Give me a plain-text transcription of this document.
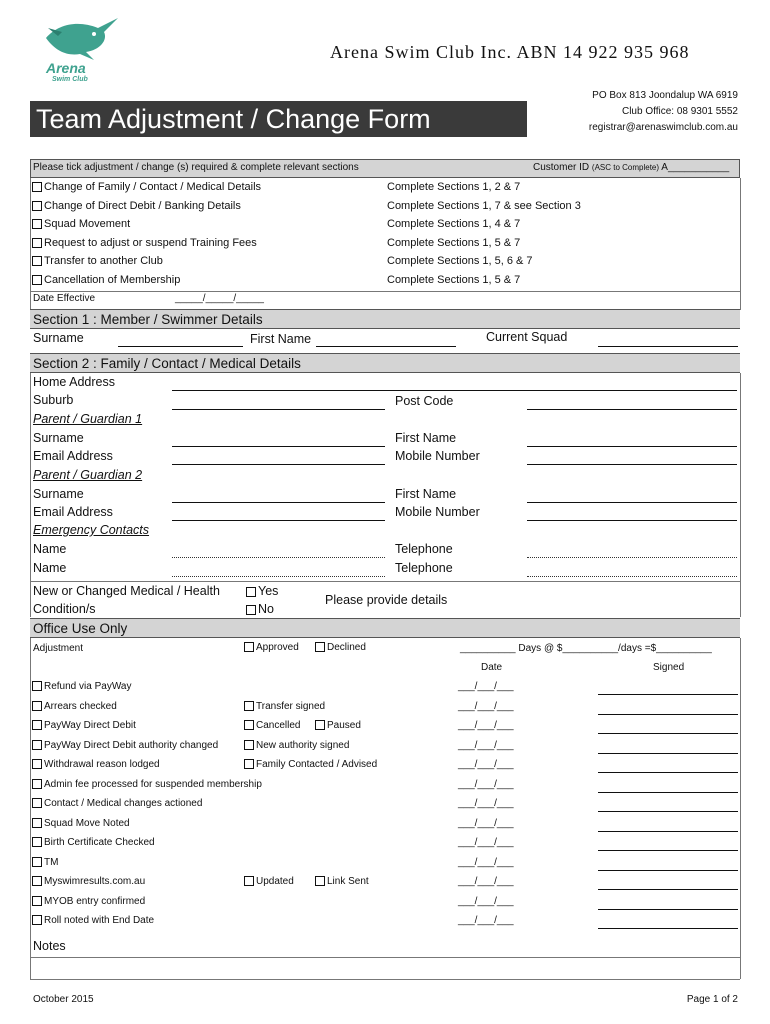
Arena
Swim Club
Arena Swim Club Inc. ABN 14 922 935 968
Team Adjustment / Change Form
PO Box 813 Joondalup WA 6919
Club Office: 08 9301 5552
registrar@arenaswimclub.com.au
Please tick adjustment / change (s) required & complete relevant sections	Customer ID (ASC to Complete) A___________
Change of Family / Contact / Medical Details	Complete Sections 1, 2 & 7
Change of Direct Debit / Banking Details	Complete Sections 1, 7 & see Section 3
Squad Movement	Complete Sections 1, 4 & 7
Request to adjust or suspend Training Fees	Complete Sections 1, 5 & 7
Transfer to another Club	Complete Sections 1, 5, 6 & 7
Cancellation of Membership	Complete Sections 1, 5 & 7
Date Effective	_____/_____/_____
Section 1 : Member / Swimmer Details
Surname	First Name	Current Squad
Section 2 : Family / Contact / Medical Details
Home Address
Suburb	Post Code
Parent / Guardian 1
Surname	First Name
Email Address	Mobile Number
Parent / Guardian 2
Surname	First Name
Email Address	Mobile Number
Emergency Contacts
Name	Telephone
Name	Telephone
New or Changed Medical / Health
Condition/s
Yes
No
Please provide details
Office Use Only
Adjustment	Approved	Declined	__________ Days @ $__________/days =$__________
Date	Signed
Refund via PayWay	___/___/___
Arrears checked	Transfer signed	___/___/___
PayWay Direct Debit	Cancelled	Paused	___/___/___
PayWay Direct Debit authority changed	New authority signed	___/___/___
Withdrawal reason lodged	Family Contacted / Advised	___/___/___
Admin fee processed for suspended membership	___/___/___
Contact / Medical changes actioned	___/___/___
Squad Move Noted	___/___/___
Birth Certificate Checked	___/___/___
TM	___/___/___
Myswimresults.com.au	Updated	Link Sent	___/___/___
MYOB entry confirmed	___/___/___
Roll noted with End Date	___/___/___
Notes
October 2015	Page 1 of 2
